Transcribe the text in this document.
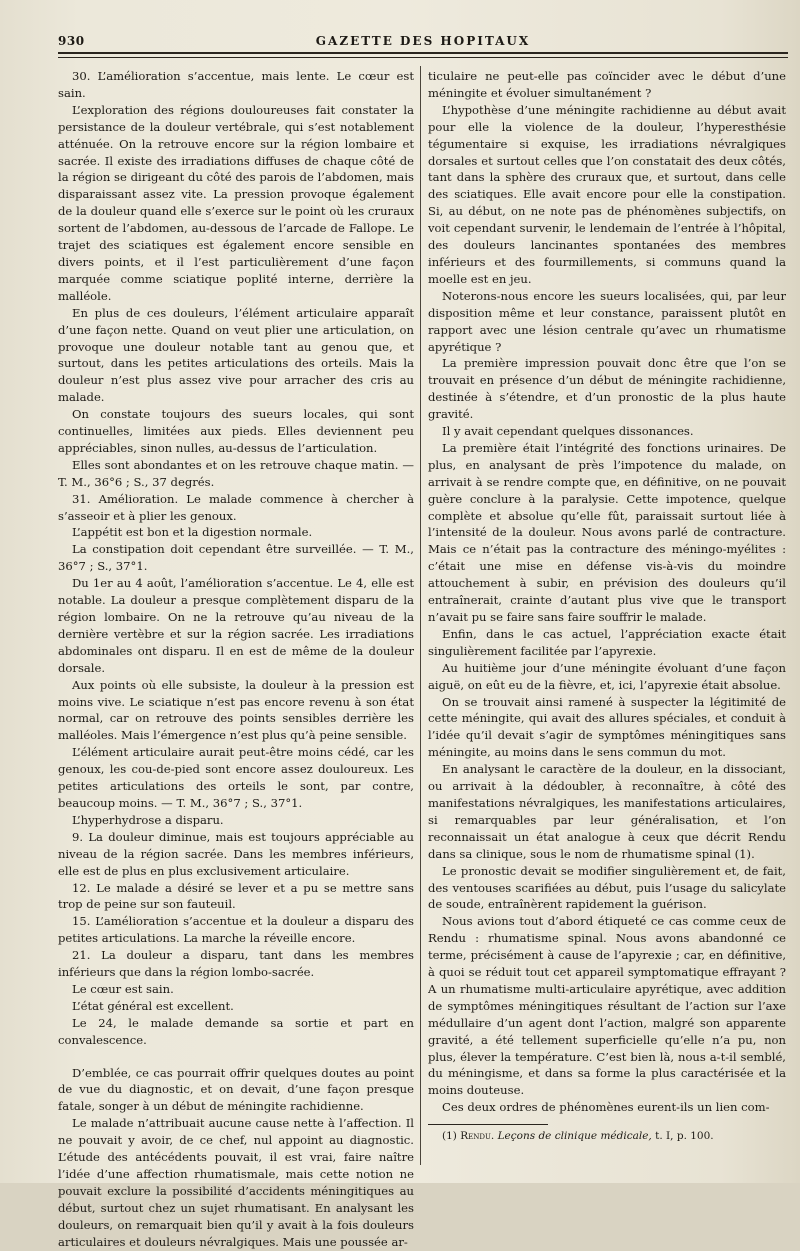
930	GAZETTE DES HOPITAUX

30. L’amélioration s’accentue, mais lente. Le cœur est sain.

L’exploration des régions douloureuses fait constater la persistance de la douleur vertébrale, qui s’est notablement atténuée. On la retrouve encore sur la région lombaire et sacrée. Il existe des irradiations diffuses de chaque côté de la région se dirigeant du côté des parois de l’abdomen, mais disparaissant assez vite. La pression provoque également de la douleur quand elle s’exerce sur le point où les cruraux sortent de l’abdomen, au-dessous de l’arcade de Fallope. Le trajet des sciatiques est également encore sensible en divers points, et il l’est particulièrement d’une façon marquée comme sciatique poplité interne, derrière la malléole.

En plus de ces douleurs, l’élément articulaire apparaît d’une façon nette. Quand on veut plier une articulation, on provoque une douleur notable tant au genou que, et surtout, dans les petites articulations des orteils. Mais la douleur n’est plus assez vive pour arracher des cris au malade.

On constate toujours des sueurs locales, qui sont continuelles, limitées aux pieds. Elles deviennent peu appréciables, sinon nulles, au-dessus de l’articulation.

Elles sont abondantes et on les retrouve chaque matin. — T. M., 36°6 ; S., 37 degrés.

31. Amélioration. Le malade commence à chercher à s’asseoir et à plier les genoux.

L’appétit est bon et la digestion normale.

La constipation doit cependant être surveillée. — T. M., 36°7 ; S., 37°1.

Du 1er au 4 août, l’amélioration s’accentue. Le 4, elle est notable. La douleur a presque complètement disparu de la région lombaire. On ne la retrouve qu’au niveau de la dernière vertèbre et sur la région sacrée. Les irradiations abdominales ont disparu. Il en est de même de la douleur dorsale.

Aux points où elle subsiste, la douleur à la pression est moins vive. Le sciatique n’est pas encore revenu à son état normal, car on retrouve des points sensibles derrière les malléoles. Mais l’émergence n’est plus qu’à peine sensible.

L’élément articulaire aurait peut-être moins cédé, car les genoux, les cou-de-pied sont encore assez douloureux. Les petites articulations des orteils le sont, par contre, beaucoup moins. — T. M., 36°7 ; S., 37°1.

L’hyperhydrose a disparu.

9. La douleur diminue, mais est toujours appréciable au niveau de la région sacrée. Dans les membres inférieurs, elle est de plus en plus exclusivement articulaire.

12. Le malade a désiré se lever et a pu se mettre sans trop de peine sur son fauteuil.

15. L’amélioration s’accentue et la douleur a disparu des petites articulations. La marche la réveille encore.

21. La douleur a disparu, tant dans les membres inférieurs que dans la région lombo-sacrée.

Le cœur est sain.

L’état général est excellent.

Le 24, le malade demande sa sortie et part en convalescence.

D’emblée, ce cas pourrait offrir quelques doutes au point de vue du diagnostic, et on devait, d’une façon presque fatale, songer à un début de méningite rachidienne.

Le malade n’attribuait aucune cause nette à l’affection. Il ne pouvait y avoir, de ce chef, nul appoint au diagnostic. L’étude des antécédents pouvait, il est vrai, faire naître l’idée d’une affection rhumatismale, mais cette notion ne pouvait exclure la possibilité d’accidents méningitiques au début, surtout chez un sujet rhumatisant. En analysant les douleurs, on remarquait bien qu’il y avait à la fois douleurs articulaires et douleurs névralgiques. Mais une poussée ar-

ticulaire ne peut-elle pas coïncider avec le début d’une méningite et évoluer simultanément ?

L’hypothèse d’une méningite rachidienne au début avait pour elle la violence de la douleur, l’hyperesthésie tégumentaire si exquise, les irradiations névralgiques dorsales et surtout celles que l’on constatait des deux côtés, tant dans la sphère des cruraux que, et surtout, dans celle des sciatiques. Elle avait encore pour elle la constipation. Si, au début, on ne note pas de phénomènes subjectifs, on voit cependant survenir, le lendemain de l’entrée à l’hôpital, des douleurs lancinantes spontanées des membres inférieurs et des fourmillements, si communs quand la moelle est en jeu.

Noterons-nous encore les sueurs localisées, qui, par leur disposition même et leur constance, paraissent plutôt en rapport avec une lésion centrale qu’avec un rhumatisme apyrétique ?

La première impression pouvait donc être que l’on se trouvait en présence d’un début de méningite rachidienne, destinée à s’étendre, et d’un pronostic de la plus haute gravité.

Il y avait cependant quelques dissonances.

La première était l’intégrité des fonctions urinaires. De plus, en analysant de près l’impotence du malade, on arrivait à se rendre compte que, en définitive, on ne pouvait guère conclure à la paralysie. Cette impotence, quelque complète et absolue qu’elle fût, paraissait surtout liée à l’intensité de la douleur. Nous avons parlé de contracture. Mais ce n’était pas la contracture des méningo-myélites : c’était une mise en défense vis-à-vis du moindre attouchement à subir, en prévision des douleurs qu’il entraînerait, crainte d’autant plus vive que le transport n’avait pu se faire sans faire souffrir le malade.

Enfin, dans le cas actuel, l’appréciation exacte était singulièrement facilitée par l’apyrexie.

Au huitième jour d’une méningite évoluant d’une façon aiguë, on eût eu de la fièvre, et, ici, l’apyrexie était absolue.

On se trouvait ainsi ramené à suspecter la légitimité de cette méningite, qui avait des allures spéciales, et conduit à l’idée qu’il devait s’agir de symptômes méningitiques sans méningite, au moins dans le sens commun du mot.

En analysant le caractère de la douleur, en la dissociant, ou arrivait à la dédoubler, à reconnaître, à côté des manifestations névralgiques, les manifestations articulaires, si remarquables par leur généralisation, et l’on reconnaissait un état analogue à ceux que décrit Rendu dans sa clinique, sous le nom de rhumatisme spinal (1).

Le pronostic devait se modifier singulièrement et, de fait, des ventouses scarifiées au début, puis l’usage du salicylate de soude, entraînèrent rapidement la guérison.

Nous avions tout d’abord étiqueté ce cas comme ceux de Rendu : rhumatisme spinal. Nous avons abandonné ce terme, précisément à cause de l’apyrexie ; car, en définitive, à quoi se réduit tout cet appareil symptomatique effrayant ? A un rhumatisme multi-articulaire apyrétique, avec addition de symptômes méningitiques résultant de l’action sur l’axe médullaire d’un agent dont l’action, malgré son apparente gravité, a été tellement superficielle qu’elle n’a pu, non plus, élever la température. C’est bien là, nous a-t-il semblé, du méningisme, et dans sa forme la plus caractérisée et la moins douteuse.

Ces deux ordres de phénomènes eurent-ils un lien com-

(1) Rendu. Leçons de clinique médicale, t. I, p. 100.
